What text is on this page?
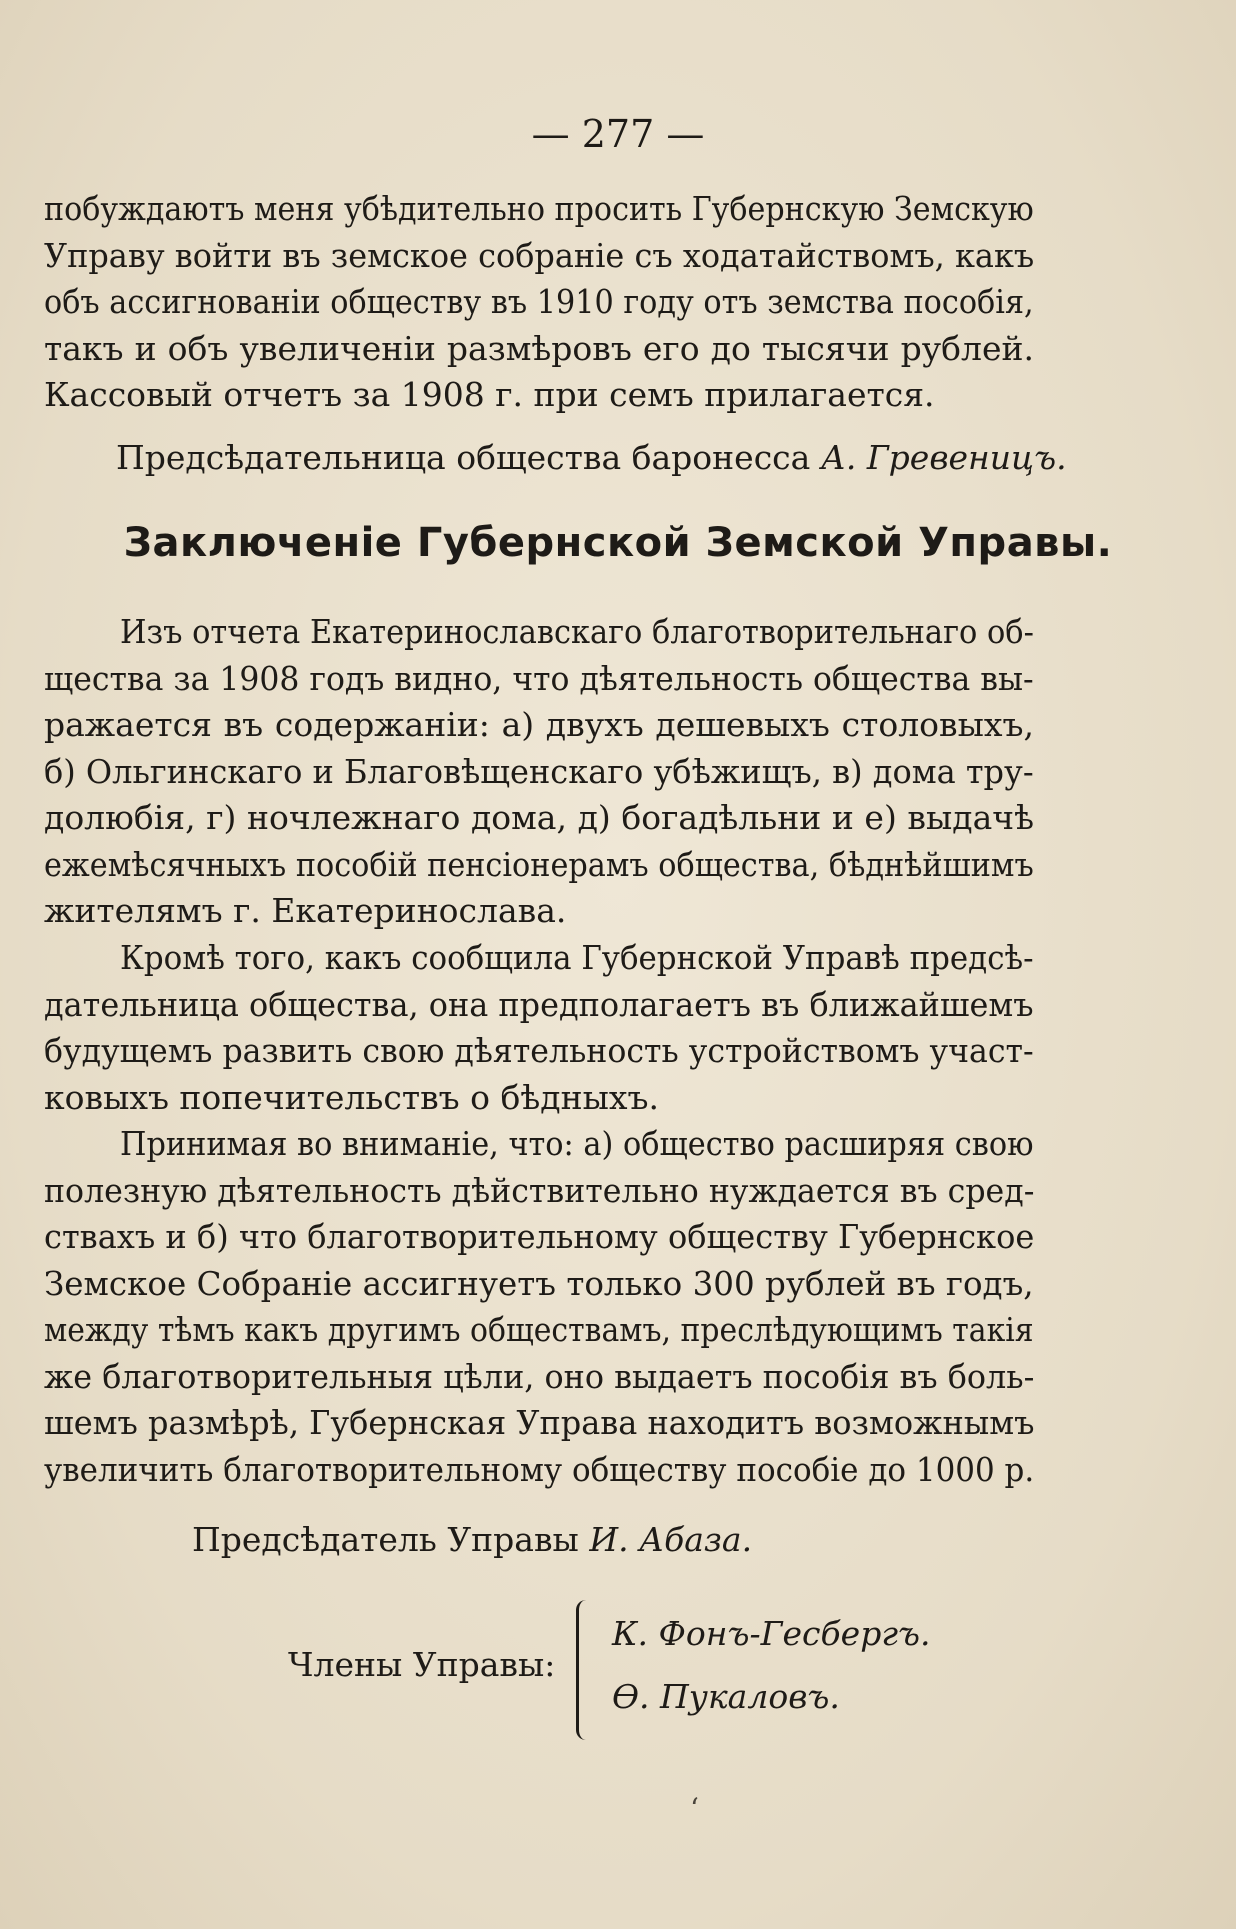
— 277 —

побуждаютъ меня убѣдительно просить Губернскую Земскую

Управу войти въ земское собраніе съ ходатайствомъ, какъ

объ ассигнованіи обществу въ 1910 году отъ земства пособія,

такъ и объ увеличеніи размѣровъ его до тысячи рублей.

Кассовый отчетъ за 1908 г. при семъ прилагается.

Предсѣдательница общества баронесса А. Гревеницъ.
Заключеніе Губернской Земской Управы.

Изъ отчета Екатеринославскаго благотворительнаго об-

щества за 1908 годъ видно, что дѣятельность общества вы-

ражается въ содержаніи: а) двухъ дешевыхъ столовыхъ,

б) Ольгинскаго и Благовѣщенскаго убѣжищъ, в) дома тру-

долюбія, г) ночлежнаго дома, д) богадѣльни и е) выдачѣ

ежемѣсячныхъ пособій пенсіонерамъ общества, бѣднѣйшимъ

жителямъ г. Екатеринослава.

Кромѣ того, какъ сообщила Губернской Управѣ предсѣ-

дательница общества, она предполагаетъ въ ближайшемъ

будущемъ развить свою дѣятельность устройствомъ участ-

ковыхъ попечительствъ о бѣдныхъ.

Принимая во вниманіе, что: а) общество расширяя свою

полезную дѣятельность дѣйствительно нуждается въ сред-

ствахъ и б) что благотворительному обществу Губернское

Земское Собраніе ассигнуетъ только 300 рублей въ годъ,

между тѣмъ какъ другимъ обществамъ, преслѣдующимъ такія

же благотворительныя цѣли, оно выдаетъ пособія въ боль-

шемъ размѣрѣ, Губернская Управа находитъ возможнымъ

увеличить благотворительному обществу пособіе до 1000 р.

Предсѣдатель Управы И. Абаза.
Члены Управы:
К. Фонъ-Гесбергъ.
Ѳ. Пукаловъ.
‘
